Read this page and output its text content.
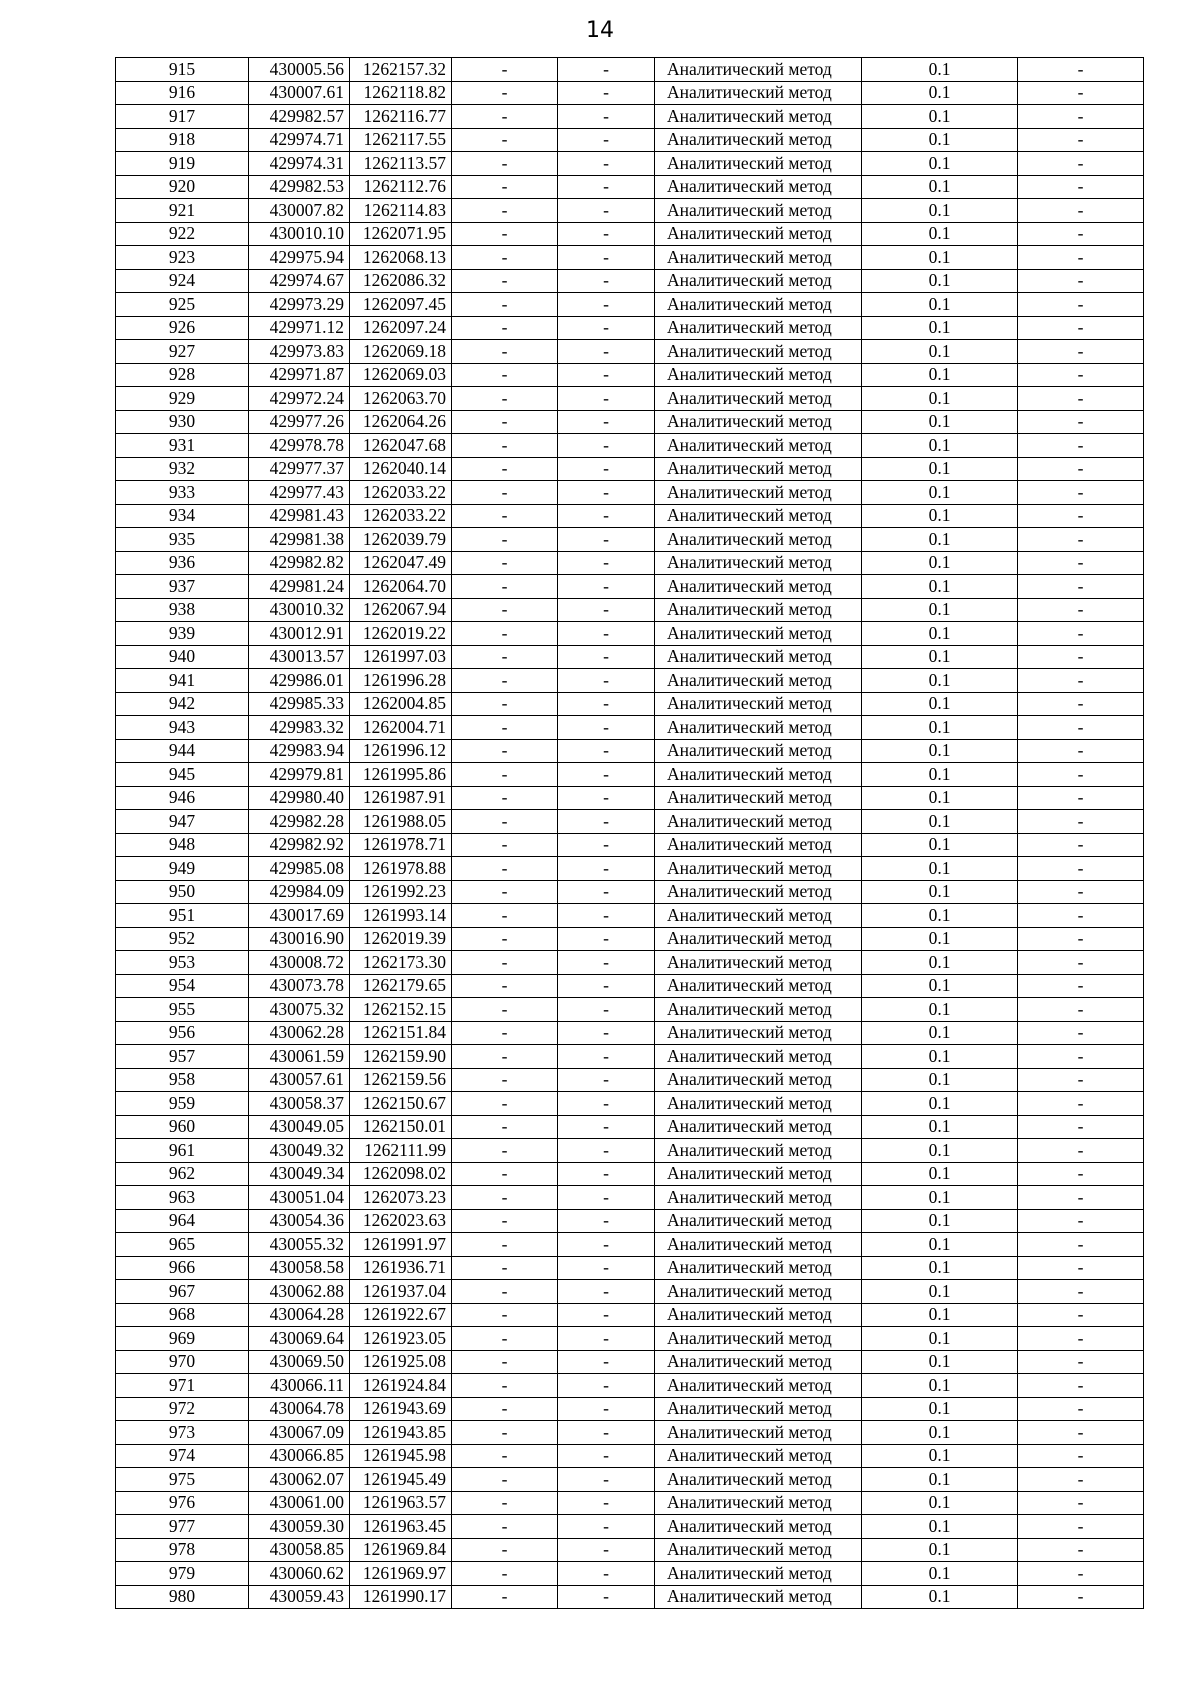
14
915	430005.56	1262157.32	-	-	Аналитический метод	0.1	-
916	430007.61	1262118.82	-	-	Аналитический метод	0.1	-
917	429982.57	1262116.77	-	-	Аналитический метод	0.1	-
918	429974.71	1262117.55	-	-	Аналитический метод	0.1	-
919	429974.31	1262113.57	-	-	Аналитический метод	0.1	-
920	429982.53	1262112.76	-	-	Аналитический метод	0.1	-
921	430007.82	1262114.83	-	-	Аналитический метод	0.1	-
922	430010.10	1262071.95	-	-	Аналитический метод	0.1	-
923	429975.94	1262068.13	-	-	Аналитический метод	0.1	-
924	429974.67	1262086.32	-	-	Аналитический метод	0.1	-
925	429973.29	1262097.45	-	-	Аналитический метод	0.1	-
926	429971.12	1262097.24	-	-	Аналитический метод	0.1	-
927	429973.83	1262069.18	-	-	Аналитический метод	0.1	-
928	429971.87	1262069.03	-	-	Аналитический метод	0.1	-
929	429972.24	1262063.70	-	-	Аналитический метод	0.1	-
930	429977.26	1262064.26	-	-	Аналитический метод	0.1	-
931	429978.78	1262047.68	-	-	Аналитический метод	0.1	-
932	429977.37	1262040.14	-	-	Аналитический метод	0.1	-
933	429977.43	1262033.22	-	-	Аналитический метод	0.1	-
934	429981.43	1262033.22	-	-	Аналитический метод	0.1	-
935	429981.38	1262039.79	-	-	Аналитический метод	0.1	-
936	429982.82	1262047.49	-	-	Аналитический метод	0.1	-
937	429981.24	1262064.70	-	-	Аналитический метод	0.1	-
938	430010.32	1262067.94	-	-	Аналитический метод	0.1	-
939	430012.91	1262019.22	-	-	Аналитический метод	0.1	-
940	430013.57	1261997.03	-	-	Аналитический метод	0.1	-
941	429986.01	1261996.28	-	-	Аналитический метод	0.1	-
942	429985.33	1262004.85	-	-	Аналитический метод	0.1	-
943	429983.32	1262004.71	-	-	Аналитический метод	0.1	-
944	429983.94	1261996.12	-	-	Аналитический метод	0.1	-
945	429979.81	1261995.86	-	-	Аналитический метод	0.1	-
946	429980.40	1261987.91	-	-	Аналитический метод	0.1	-
947	429982.28	1261988.05	-	-	Аналитический метод	0.1	-
948	429982.92	1261978.71	-	-	Аналитический метод	0.1	-
949	429985.08	1261978.88	-	-	Аналитический метод	0.1	-
950	429984.09	1261992.23	-	-	Аналитический метод	0.1	-
951	430017.69	1261993.14	-	-	Аналитический метод	0.1	-
952	430016.90	1262019.39	-	-	Аналитический метод	0.1	-
953	430008.72	1262173.30	-	-	Аналитический метод	0.1	-
954	430073.78	1262179.65	-	-	Аналитический метод	0.1	-
955	430075.32	1262152.15	-	-	Аналитический метод	0.1	-
956	430062.28	1262151.84	-	-	Аналитический метод	0.1	-
957	430061.59	1262159.90	-	-	Аналитический метод	0.1	-
958	430057.61	1262159.56	-	-	Аналитический метод	0.1	-
959	430058.37	1262150.67	-	-	Аналитический метод	0.1	-
960	430049.05	1262150.01	-	-	Аналитический метод	0.1	-
961	430049.32	1262111.99	-	-	Аналитический метод	0.1	-
962	430049.34	1262098.02	-	-	Аналитический метод	0.1	-
963	430051.04	1262073.23	-	-	Аналитический метод	0.1	-
964	430054.36	1262023.63	-	-	Аналитический метод	0.1	-
965	430055.32	1261991.97	-	-	Аналитический метод	0.1	-
966	430058.58	1261936.71	-	-	Аналитический метод	0.1	-
967	430062.88	1261937.04	-	-	Аналитический метод	0.1	-
968	430064.28	1261922.67	-	-	Аналитический метод	0.1	-
969	430069.64	1261923.05	-	-	Аналитический метод	0.1	-
970	430069.50	1261925.08	-	-	Аналитический метод	0.1	-
971	430066.11	1261924.84	-	-	Аналитический метод	0.1	-
972	430064.78	1261943.69	-	-	Аналитический метод	0.1	-
973	430067.09	1261943.85	-	-	Аналитический метод	0.1	-
974	430066.85	1261945.98	-	-	Аналитический метод	0.1	-
975	430062.07	1261945.49	-	-	Аналитический метод	0.1	-
976	430061.00	1261963.57	-	-	Аналитический метод	0.1	-
977	430059.30	1261963.45	-	-	Аналитический метод	0.1	-
978	430058.85	1261969.84	-	-	Аналитический метод	0.1	-
979	430060.62	1261969.97	-	-	Аналитический метод	0.1	-
980	430059.43	1261990.17	-	-	Аналитический метод	0.1	-
